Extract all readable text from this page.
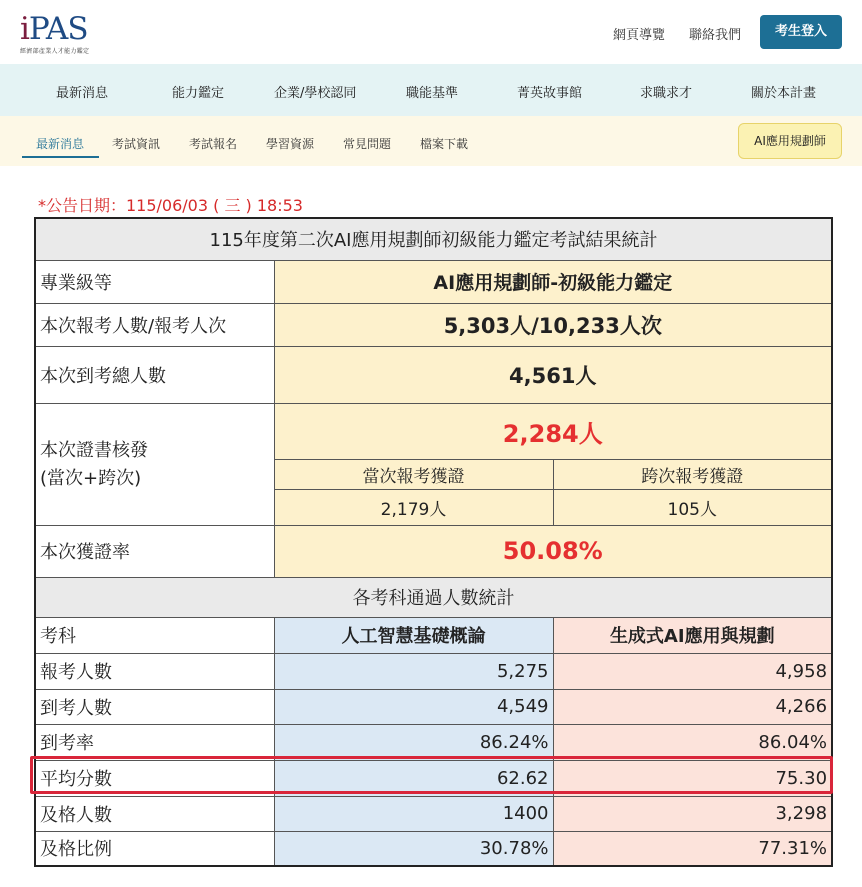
iPAS
經濟部產業人才能力鑑定
網頁導覽 聯絡我們	考生登入
最新消息	能力鑑定	企業/學校認同	職能基準	菁英故事館	求職求才	關於本計畫
最新消息 考試資訊 考試報名 學習資源 常見問題 檔案下載	AI應用規劃師
*公告日期：115/06/03 ( 三 ) 18:53
115年度第二次AI應用規劃師初級能力鑑定考試結果統計		
專業級等	AI應用規劃師-初級能力鑑定	
本次報考人數/報考人次	5,303人/10,233人次	
本次到考總人數	4,561人	

本次證書核發
(當次+跨次)	2,284人	
	當次報考獲證	跨次報考獲證
	2,179人	105人
本次獲證率	50.08%	
各考科通過人數統計		
考科	人工智慧基礎概論	生成式AI應用與規劃
報考人數	5,275	4,958
到考人數	4,549	4,266
到考率	86.24%	86.04%
平均分數	62.62	75.30
及格人數	1400	3,298
及格比例	30.78%	77.31%
